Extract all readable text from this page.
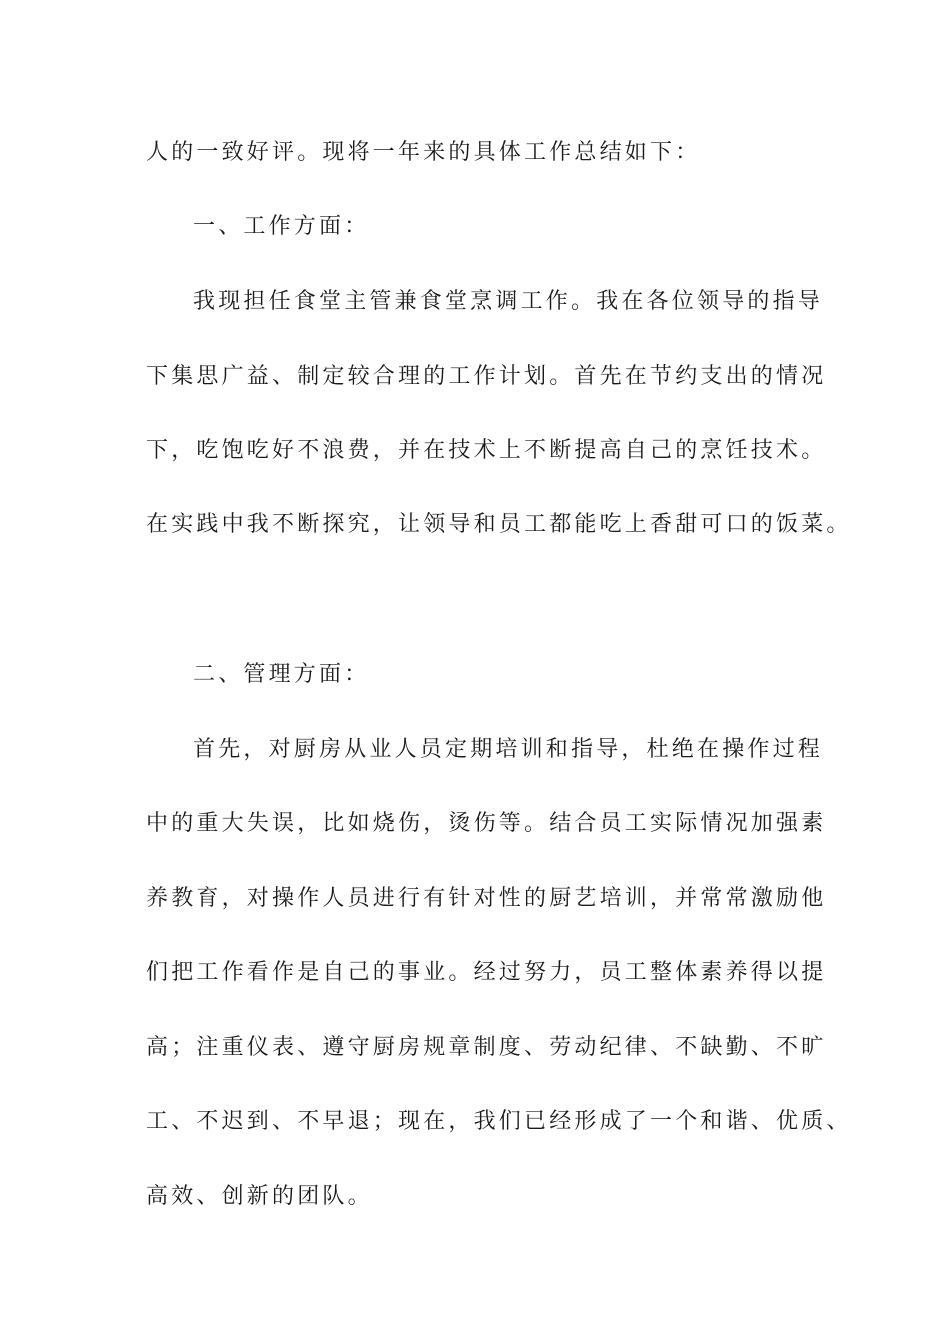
人的一致好评。现将一年来的具体工作总结如下：
一、工作方面：
我现担任食堂主管兼食堂烹调工作。我在各位领导的指导
下集思广益、制定较合理的工作计划。首先在节约支出的情况
下，吃饱吃好不浪费，并在技术上不断提高自己的烹饪技术。
在实践中我不断探究，让领导和员工都能吃上香甜可口的饭菜。
二、管理方面：
首先，对厨房从业人员定期培训和指导，杜绝在操作过程
中的重大失误，比如烧伤，烫伤等。结合员工实际情况加强素
养教育，对操作人员进行有针对性的厨艺培训，并常常激励他
们把工作看作是自己的事业。经过努力，员工整体素养得以提
高；注重仪表、遵守厨房规章制度、劳动纪律、不缺勤、不旷
工、不迟到、不早退；现在，我们已经形成了一个和谐、优质、
高效、创新的团队。
